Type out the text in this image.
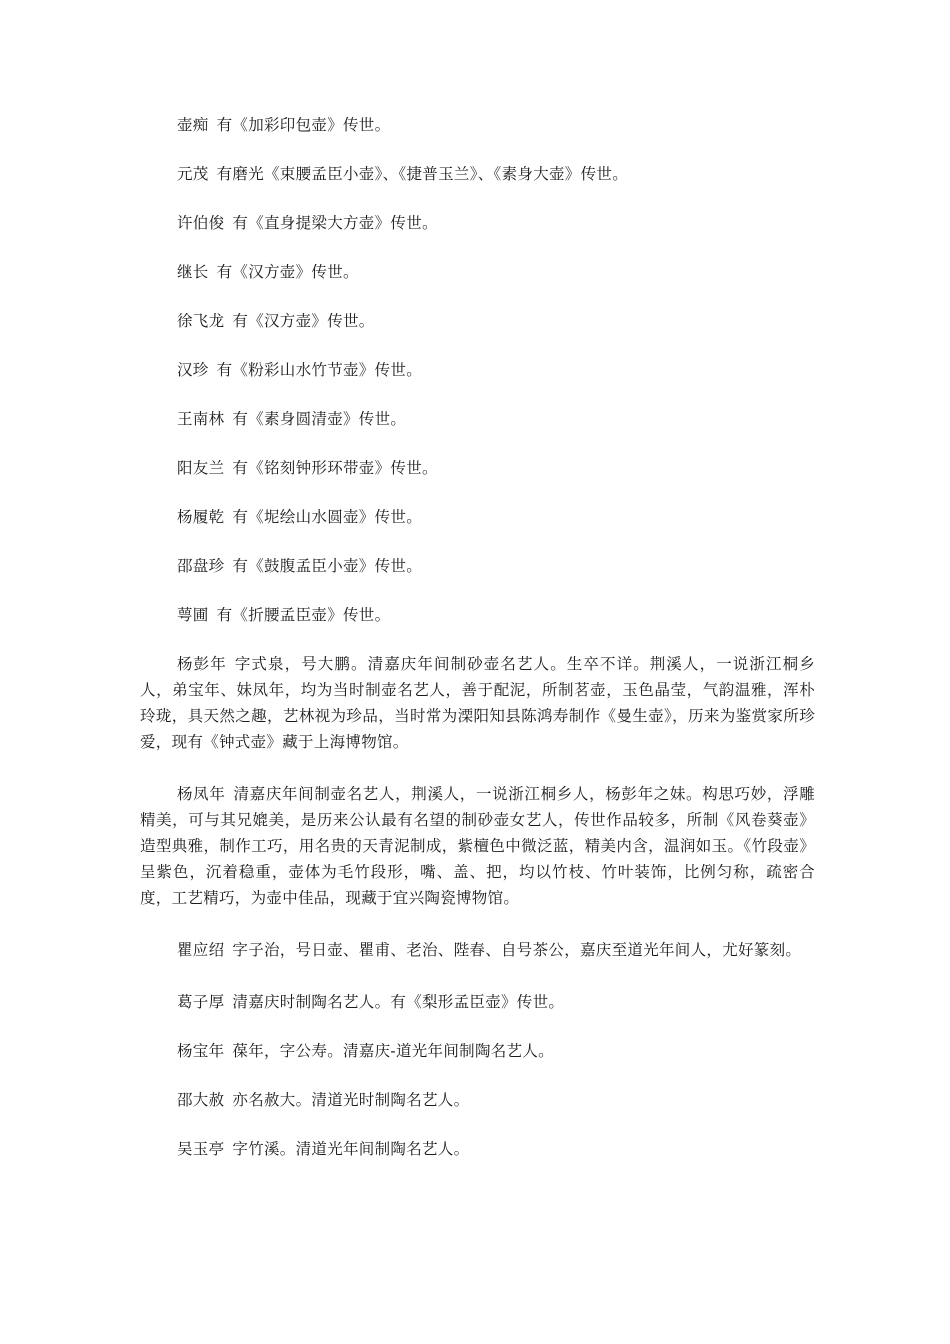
壶痴 有《加彩印包壶》传世。

元茂 有磨光《束腰孟臣小壶》、《捷普玉兰》、《素身大壶》传世。

许伯俊 有《直身提梁大方壶》传世。

继长 有《汉方壶》传世。

徐飞龙 有《汉方壶》传世。

汉珍 有《粉彩山水竹节壶》传世。

王南林 有《素身圆清壶》传世。

阳友兰 有《铭刻钟形环带壶》传世。

杨履乾 有《坭绘山水圆壶》传世。

邵盘珍 有《鼓腹孟臣小壶》传世。

萼圃 有《折腰孟臣壶》传世。

杨彭年 字式泉，号大鹏。清嘉庆年间制砂壶名艺人。生卒不详。荆溪人，一说浙江桐乡人，弟宝年、妹凤年，均为当时制壶名艺人，善于配泥，所制茗壶，玉色晶莹，气韵温雅，浑朴玲珑，具天然之趣，艺林视为珍品，当时常为溧阳知县陈鸿寿制作《曼生壶》，历来为鉴赏家所珍爱，现有《钟式壶》藏于上海博物馆。

杨凤年 清嘉庆年间制壶名艺人，荆溪人，一说浙江桐乡人，杨彭年之妹。构思巧妙，浮雕精美，可与其兄媲美，是历来公认最有名望的制砂壶女艺人，传世作品较多，所制《风卷葵壶》造型典雅，制作工巧，用名贵的天青泥制成，紫檀色中微泛蓝，精美内含，温润如玉。《竹段壶》呈紫色，沉着稳重，壶体为毛竹段形，嘴、盖、把，均以竹枝、竹叶装饰，比例匀称，疏密合度，工艺精巧，为壶中佳品，现藏于宜兴陶瓷博物馆。

瞿应绍 字子治，号日壶、瞿甫、老治、陛春、自号茶公，嘉庆至道光年间人，尤好篆刻。

葛子厚 清嘉庆时制陶名艺人。有《梨形孟臣壶》传世。

杨宝年 葆年，字公寿。清嘉庆-道光年间制陶名艺人。

邵大赦 亦名赦大。清道光时制陶名艺人。

吴玉亭 字竹溪。清道光年间制陶名艺人。
